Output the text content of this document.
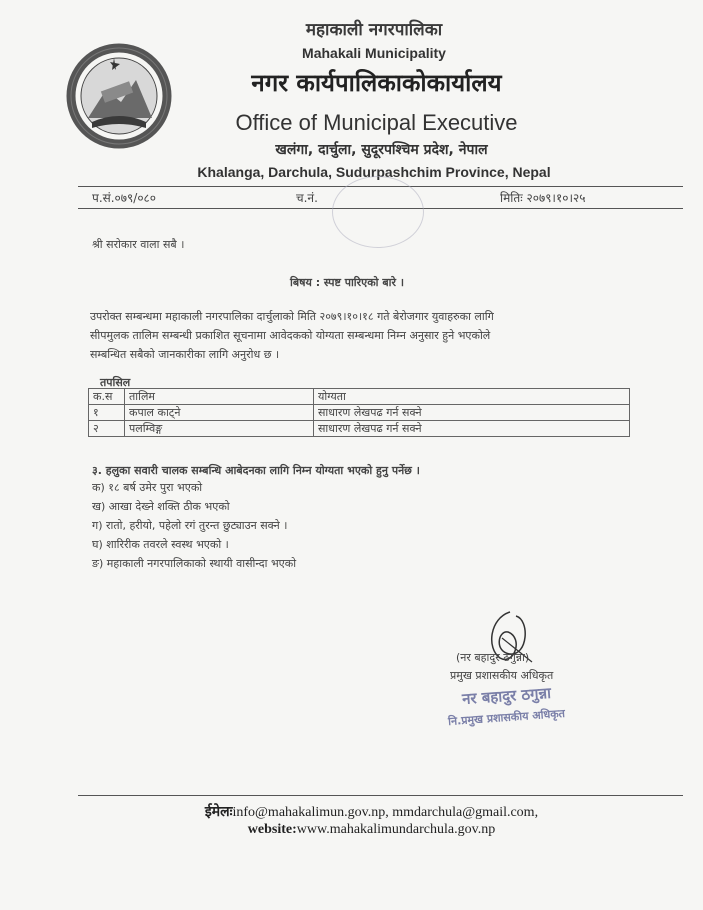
महाकाली नगरपालिका
Mahakali Municipality
नगर कार्यपालिकाकोकार्यालय
Office of Municipal Executive
खलंगा, दार्चुला, सुदूरपश्चिम प्रदेश, नेपाल
Khalanga, Darchula, Sudurpashchim Province, Nepal
प.सं.०७९/०८०	च.नं.	मितिः २०७९।१०।२५
श्री सरोकार वाला सबै ।
बिषय : स्पष्ट पारिएको बारे ।
उपरोक्त सम्बन्धमा महाकाली नगरपालिका दार्चुलाको मिति २०७९।१०।१८ गते बेरोजगार युवाहरुका लागि
सीपमुलक तालिम सम्बन्धी प्रकाशित सूचनामा आवेदकको योग्यता सम्बन्धमा निम्न अनुसार हुने भएकोले
सम्बन्धित सबैको जानकारीका लागि अनुरोध छ ।
तपसिल
क.स	तालिम	योग्यता
१	कपाल काट्ने	साधारण लेखपढ गर्न सक्ने
२	पलम्विङ्ग	साधारण लेखपढ गर्न सक्ने
३. हलुका सवारी चालक सम्बन्धि आबेदनका लागि निम्न योग्यता भएको हुनु पर्नेछ ।
क) १८ बर्ष उमेर पुरा भएको
ख) आखा देख्ने शक्ति ठीक भएको
ग) रातो, हरीयो, पहेलो रगं तुरन्त छुट्याउन सक्ने ।
घ) शारिरीक तवरले स्वस्थ भएको ।
ङ) महाकाली नगरपालिकाको स्थायी वासीन्दा भएको
(नर बहादुर ठगुन्ना)
प्रमुख प्रशासकीय अधिकृत
नर बहादुर ठगुन्ना
नि.प्रमुख प्रशासकीय अधिकृत
ईमेलःinfo@mahakalimun.gov.np, mmdarchula@gmail.com,
website:www.mahakalimundarchula.gov.np
